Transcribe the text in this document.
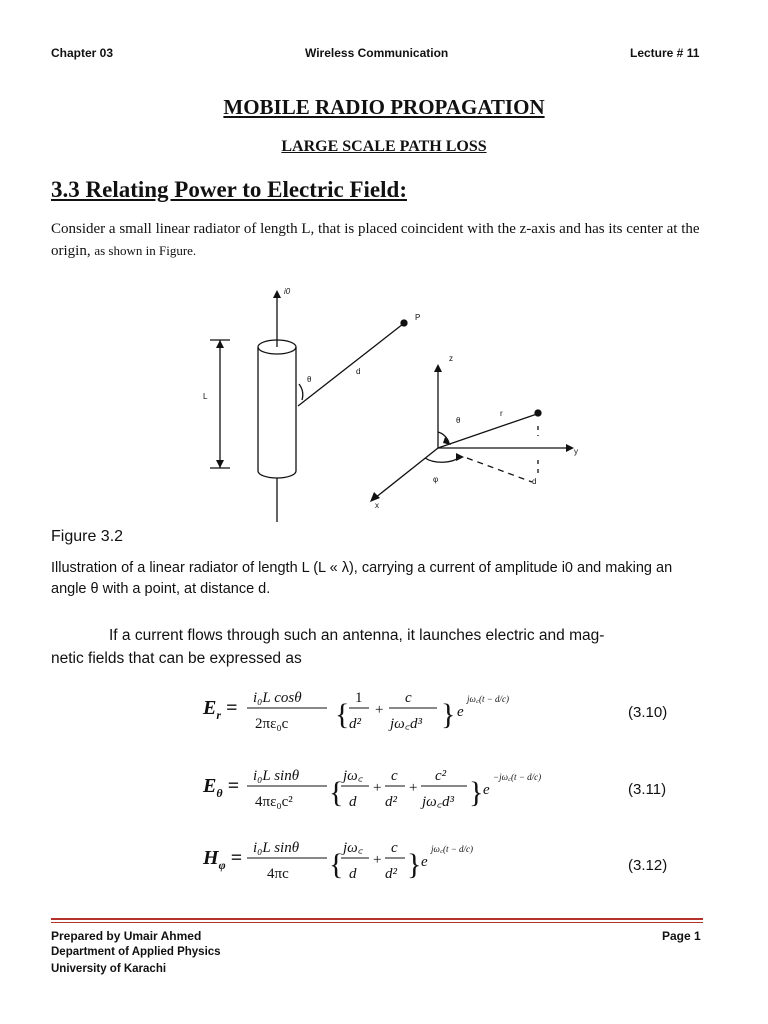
Chapter 03	Wireless Communication	Lecture # 11
MOBILE RADIO PROPAGATION
LARGE SCALE PATH LOSS
3.3 Relating Power to Electric Field:
Consider a small linear radiator of length L, that is placed coincident with the z-axis and has its center at the origin, as shown in Figure.
i0
P
θ
d
L
z
θ
r
y
x
φ	d
Figure 3.2
Illustration of a linear radiator of length L (L « λ), carrying a current of amplitude i0 and making an angle θ with a point, at distance d.
If a current flows through such an antenna, it launches electric and mag-
netic fields that can be expressed as
$E_r = i_0L$ cosθ
2πε₀c { 1
d²
+
c
jω꜀d³ } e
jω꜀(t − d/c)
(3.10)
$E_\theta = i_0L$ sinθ
4πε₀c² { jω꜀
d
+
c
d²
+
c²
jω꜀d³ } e
−jω꜀(t − d/c)
(3.11)
$H_\varphi = i_0L$ sinθ
4πc { jω꜀
d
+
c
d² } e
jω꜀(t − d/c)
(3.12)
Prepared by Umair Ahmed
Department of Applied Physics
University of Karachi
Page 1
